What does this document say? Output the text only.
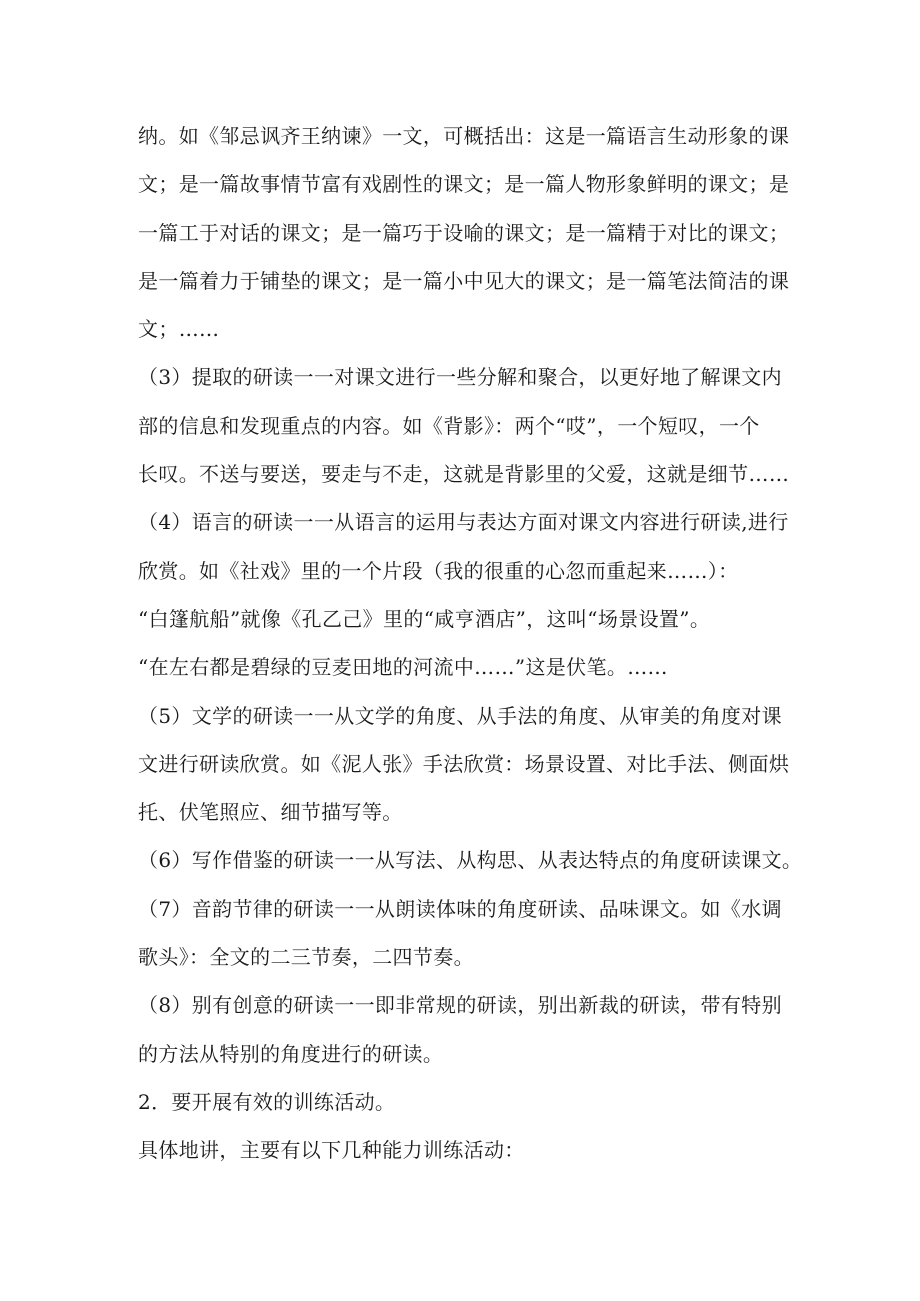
纳。如《邹忌讽齐王纳谏》一文，可概括出：这是一篇语言生动形象的课
文；是一篇故事情节富有戏剧性的课文；是一篇人物形象鲜明的课文；是
一篇工于对话的课文；是一篇巧于设喻的课文；是一篇精于对比的课文；
是一篇着力于铺垫的课文；是一篇小中见大的课文；是一篇笔法简洁的课
文；……

（3）提取的研读一一对课文进行一些分解和聚合，以更好地了解课文内
部的信息和发现重点的内容。如《背影》：两个“哎”，一个短叹，一个
长叹。不送与要送，要走与不走，这就是背影里的父爱，这就是细节……

（4）语言的研读一一从语言的运用与表达方面对课文内容进行研读,进行
欣赏。如《社戏》里的一个片段（我的很重的心忽而重起来……）：
“白篷航船”就像《孔乙己》里的“咸亨酒店”，这叫“场景设置”。
“在左右都是碧绿的豆麦田地的河流中……”这是伏笔。……

（5）文学的研读一一从文学的角度、从手法的角度、从审美的角度对课
文进行研读欣赏。如《泥人张》手法欣赏：场景设置、对比手法、侧面烘
托、伏笔照应、细节描写等。

（6）写作借鉴的研读一一从写法、从构思、从表达特点的角度研读课文。

（7）音韵节律的研读一一从朗读体味的角度研读、品味课文。如《水调
歌头》：全文的二三节奏，二四节奏。

（8）别有创意的研读一一即非常规的研读，别出新裁的研读，带有特别
的方法从特别的角度进行的研读。

2．要开展有效的训练活动。

具体地讲，主要有以下几种能力训练活动：
